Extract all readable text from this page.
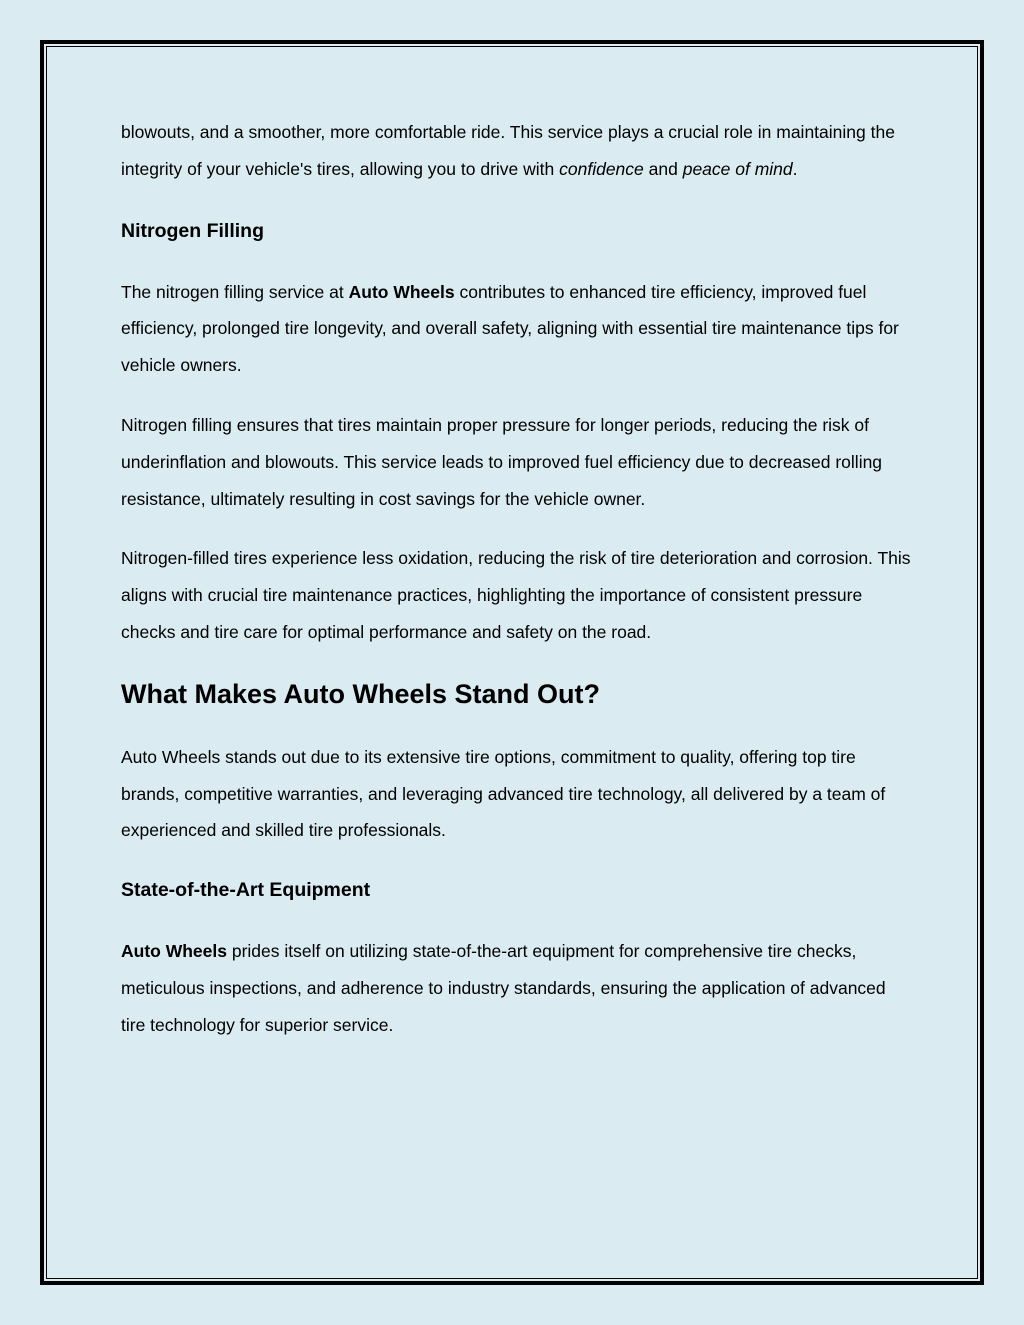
blowouts, and a smoother, more comfortable ride. This service plays a crucial role in maintaining the integrity of your vehicle's tires, allowing you to drive with confidence and peace of mind.

Nitrogen Filling

The nitrogen filling service at Auto Wheels contributes to enhanced tire efficiency, improved fuel efficiency, prolonged tire longevity, and overall safety, aligning with essential tire maintenance tips for vehicle owners.

Nitrogen filling ensures that tires maintain proper pressure for longer periods, reducing the risk of underinflation and blowouts. This service leads to improved fuel efficiency due to decreased rolling resistance, ultimately resulting in cost savings for the vehicle owner.

Nitrogen-filled tires experience less oxidation, reducing the risk of tire deterioration and corrosion. This aligns with crucial tire maintenance practices, highlighting the importance of consistent pressure checks and tire care for optimal performance and safety on the road.

What Makes Auto Wheels Stand Out?

Auto Wheels stands out due to its extensive tire options, commitment to quality, offering top tire brands, competitive warranties, and leveraging advanced tire technology, all delivered by a team of experienced and skilled tire professionals.

State-of-the-Art Equipment

Auto Wheels prides itself on utilizing state-of-the-art equipment for comprehensive tire checks, meticulous inspections, and adherence to industry standards, ensuring the application of advanced tire technology for superior service.
